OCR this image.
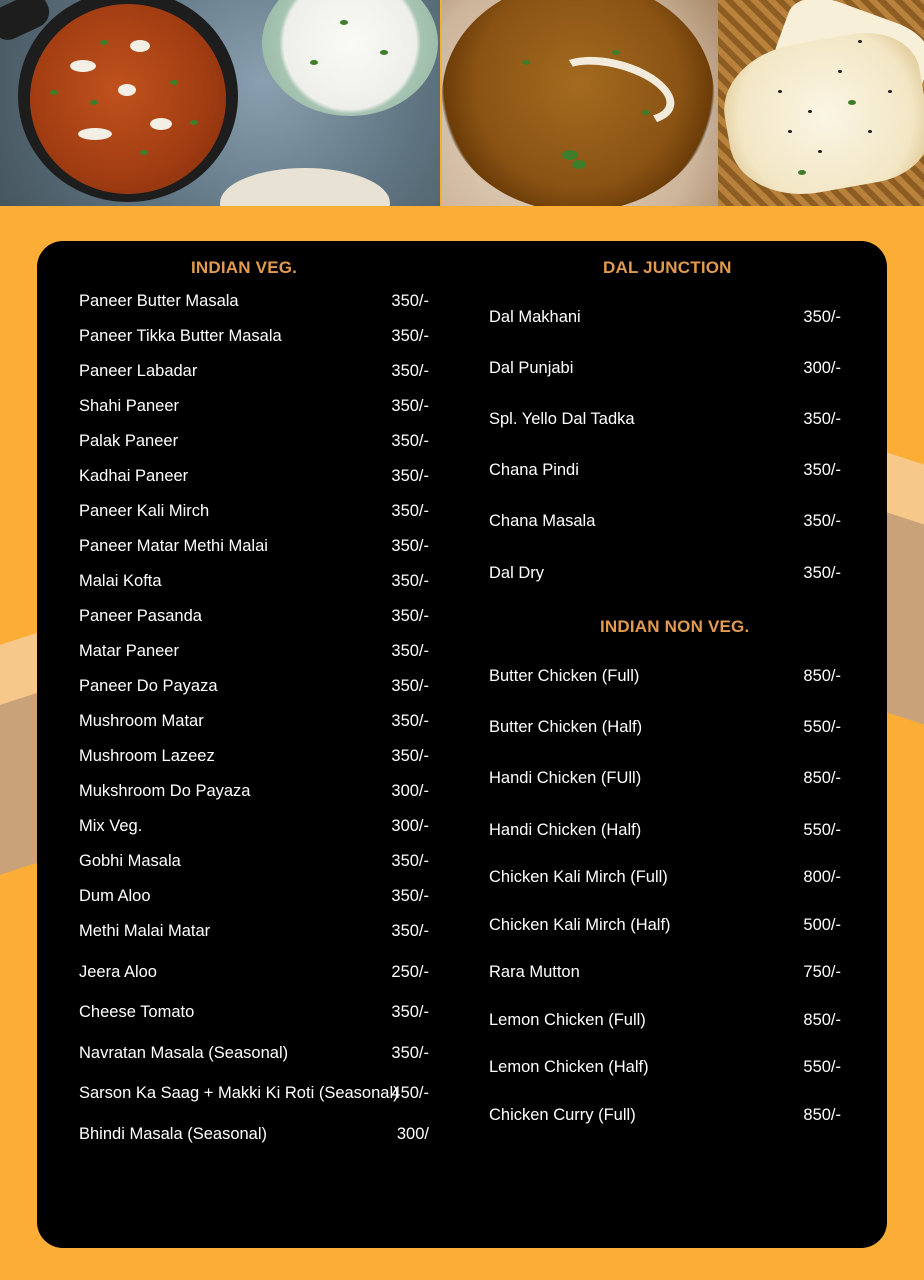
INDIAN VEG.
Paneer Butter Masala	350/-
Paneer Tikka Butter Masala	350/-
Paneer Labadar	350/-
Shahi Paneer	350/-
Palak Paneer	350/-
Kadhai Paneer	350/-
Paneer Kali Mirch	350/-
Paneer Matar Methi Malai	350/-
Malai Kofta	350/-
Paneer Pasanda	350/-
Matar Paneer	350/-
Paneer Do Payaza	350/-
Mushroom Matar	350/-
Mushroom Lazeez	350/-
Mukshroom Do Payaza	300/-
Mix Veg.	300/-
Gobhi Masala	350/-
Dum Aloo	350/-
Methi Malai Matar	350/-
Jeera Aloo	250/-
Cheese Tomato	350/-
Navratan Masala (Seasonal)	350/-
Sarson Ka Saag + Makki Ki Roti (Seasonal)
450/-
Bhindi Masala (Seasonal)	300/
DAL JUNCTION
Dal Makhani	350/-
Dal Punjabi	300/-
Spl. Yello Dal Tadka	350/-
Chana Pindi	350/-
Chana Masala	350/-
Dal Dry	350/-
INDIAN NON VEG.
Butter Chicken (Full)	850/-
Butter Chicken (Half)	550/-
Handi Chicken (FUll)	850/-
Handi Chicken (Half)	550/-
Chicken Kali Mirch (Full)	800/-
Chicken Kali Mirch (Half)	500/-
Rara Mutton	750/-
Lemon Chicken (Full)	850/-
Lemon Chicken (Half)	550/-
Chicken Curry (Full)	850/-
